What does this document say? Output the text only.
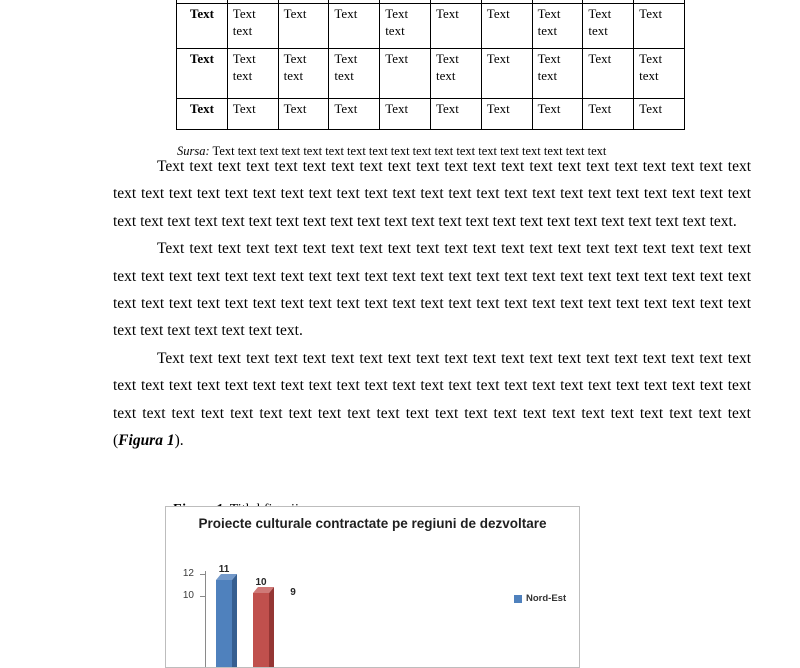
Text	Text text	Text	Text	Text text	Text	Text	Text text	Text text	Text
Text	Text text	Text text	Text text	Text	Text text	Text	Text text	Text	Text text
Text	Text	Text	Text	Text	Text	Text	Text	Text	Text

Sursa: Text text text text text text text text text text text text text text text text text text

Text text text text text text text text text text text text text text text text text text text text text text text text text text text text text text text text text text text text text text text text text text text text text text text text text text text text text text text text text text text text text text text text text text text.

Text text text text text text text text text text text text text text text text text text text text text text text text text text text text text text text text text text text text text text text text text text text text text text text text text text text text text text text text text text text text text text text text text text text text text text text text text text.

Text text text text text text text text text text text text text text text text text text text text text text text text text text text text text text text text text text text text text text text text text text text text text text text text text text text text text text text text text text text text text text text text text text (Figura 1).

Proiecte culturale contractate pe regiuni de dezvoltare
12
10
11
10
9
Nord-Est
